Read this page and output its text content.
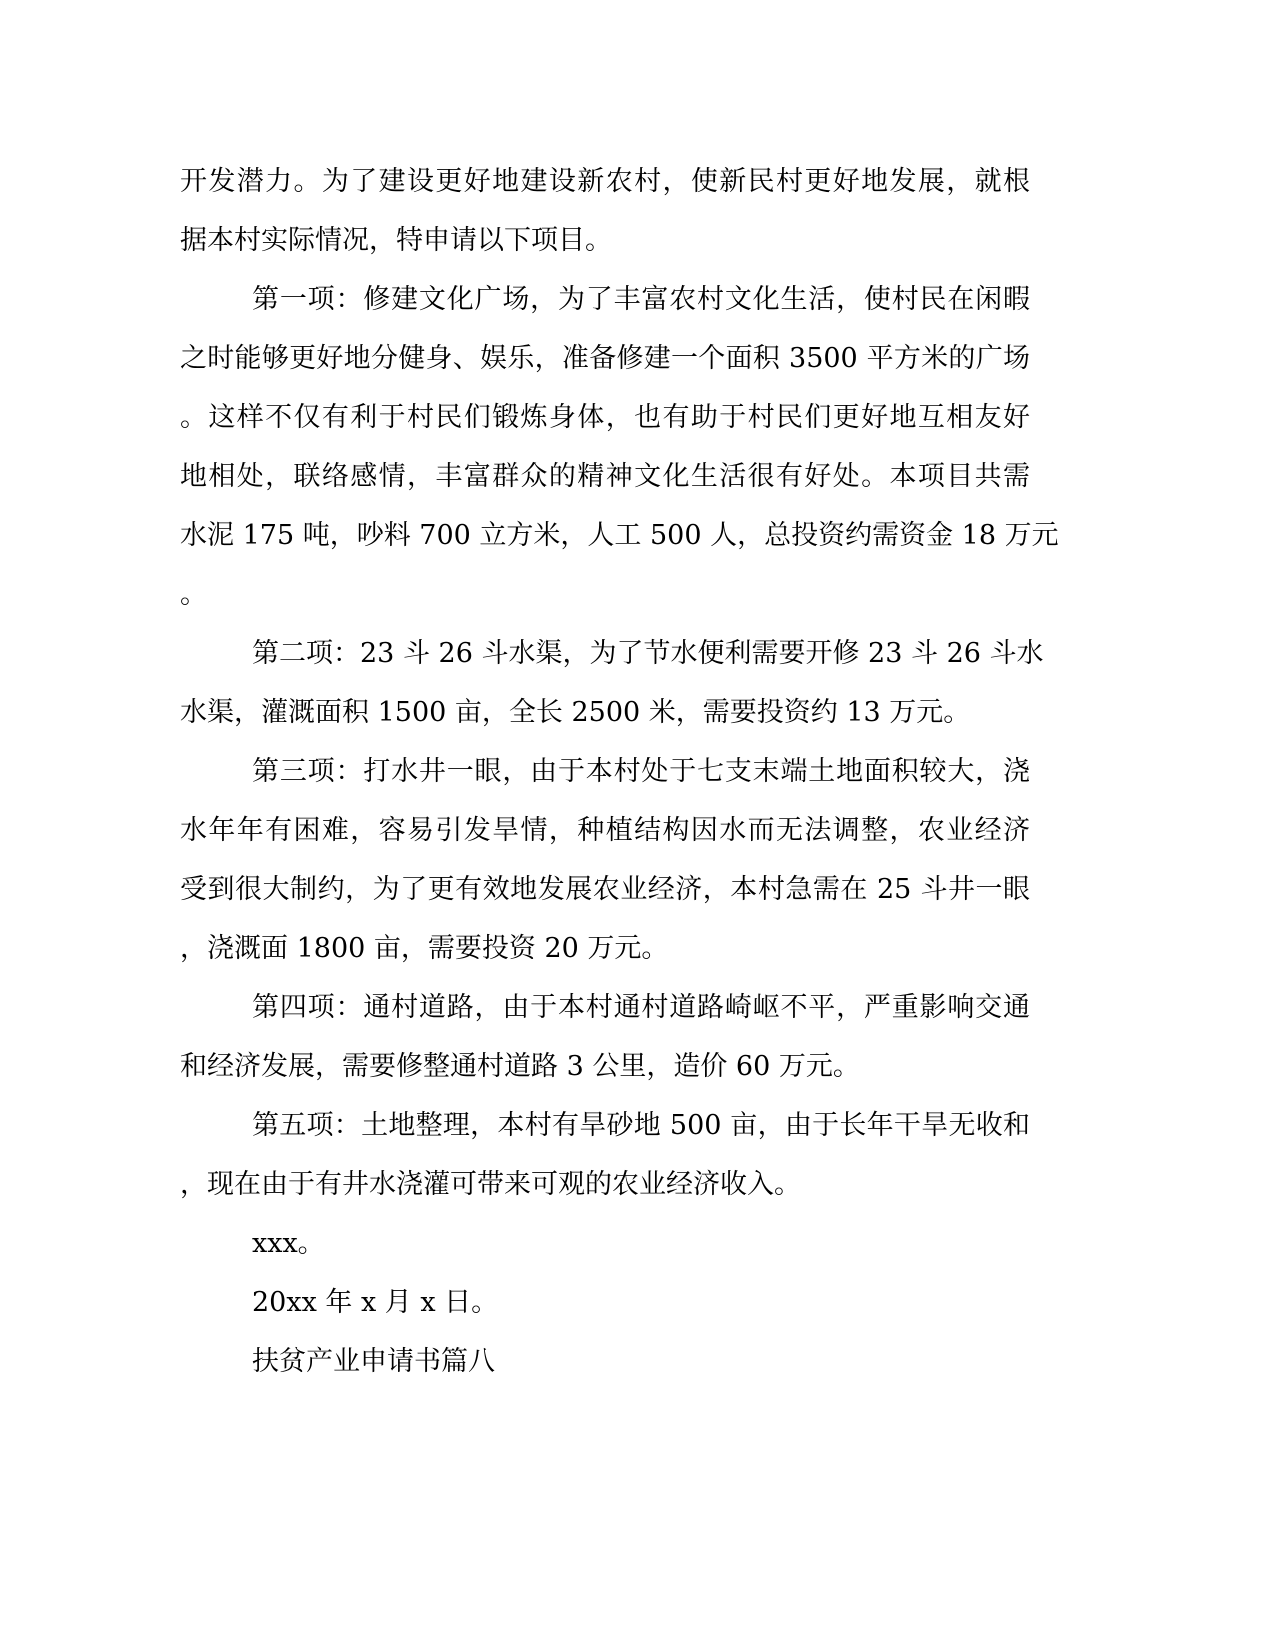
开发潜力。为了建设更好地建设新农村，使新民村更好地发展，就根
据本村实际情况，特申请以下项目。
第一项：修建文化广场，为了丰富农村文化生活，使村民在闲暇
之时能够更好地分健身、娱乐，准备修建一个面积 3500 平方米的广场
。这样不仅有利于村民们锻炼身体，也有助于村民们更好地互相友好
地相处，联络感情，丰富群众的精神文化生活很有好处。本项目共需
水泥 175 吨，吵料 700 立方米，人工 500 人，总投资约需资金 18 万元
。
第二项：23 斗 26 斗水渠，为了节水便利需要开修 23 斗 26 斗水
水渠，灌溉面积 1500 亩，全长 2500 米，需要投资约 13 万元。
第三项：打水井一眼，由于本村处于七支末端土地面积较大，浇
水年年有困难，容易引发旱情，种植结构因水而无法调整，农业经济
受到很大制约，为了更有效地发展农业经济，本村急需在 25 斗井一眼
，浇溉面 1800 亩，需要投资 20 万元。
第四项：通村道路，由于本村通村道路崎岖不平，严重影响交通
和经济发展，需要修整通村道路 3 公里，造价 60 万元。
第五项：土地整理，本村有旱砂地 500 亩，由于长年干旱无收和
，现在由于有井水浇灌可带来可观的农业经济收入。
xxx。
20xx 年 x 月 x 日。
扶贫产业申请书篇八
